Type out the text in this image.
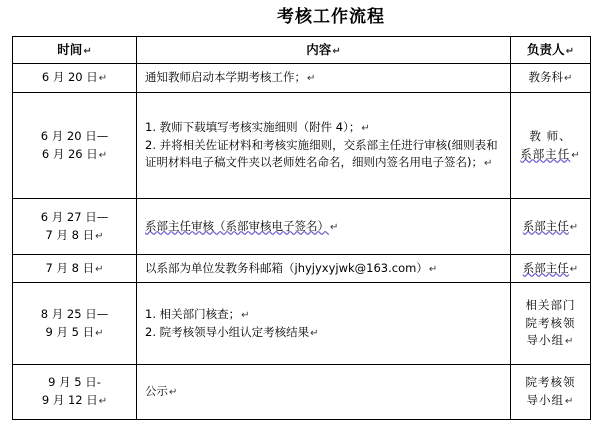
考核工作流程
时间↵	内容↵	负责人↵
6 月 20 日↵	通知教师启动本学期考核工作；↵	教务科↵

6 月 20 日—
6 月 26 日↵	1. 教师下载填写考核实施细则（附件 4）；↵
2. 并将相关佐证材料和考核实施细则，交系部主任进行审核(细则表和证明材料电子稿文件夹以老师姓名命名，细则内签名用电子签名)；↵	教 师、
系部主任↵

6 月 27 日—
7 月 8 日↵	系部主任审核（系部审核电子签名）↵	系部主任↵
7 月 8 日↵	以系部为单位发教务科邮箱（jhyjyxyjwk@163.com）↵	系部主任↵

8 月 25 日—
9 月 5 日↵	1. 相关部门核查；↵
2. 院考核领导小组认定考核结果↵	相关部门
院考核领
导小组↵

9 月 5 日-
9 月 12 日↵	公示↵	院考核领
导小组↵
